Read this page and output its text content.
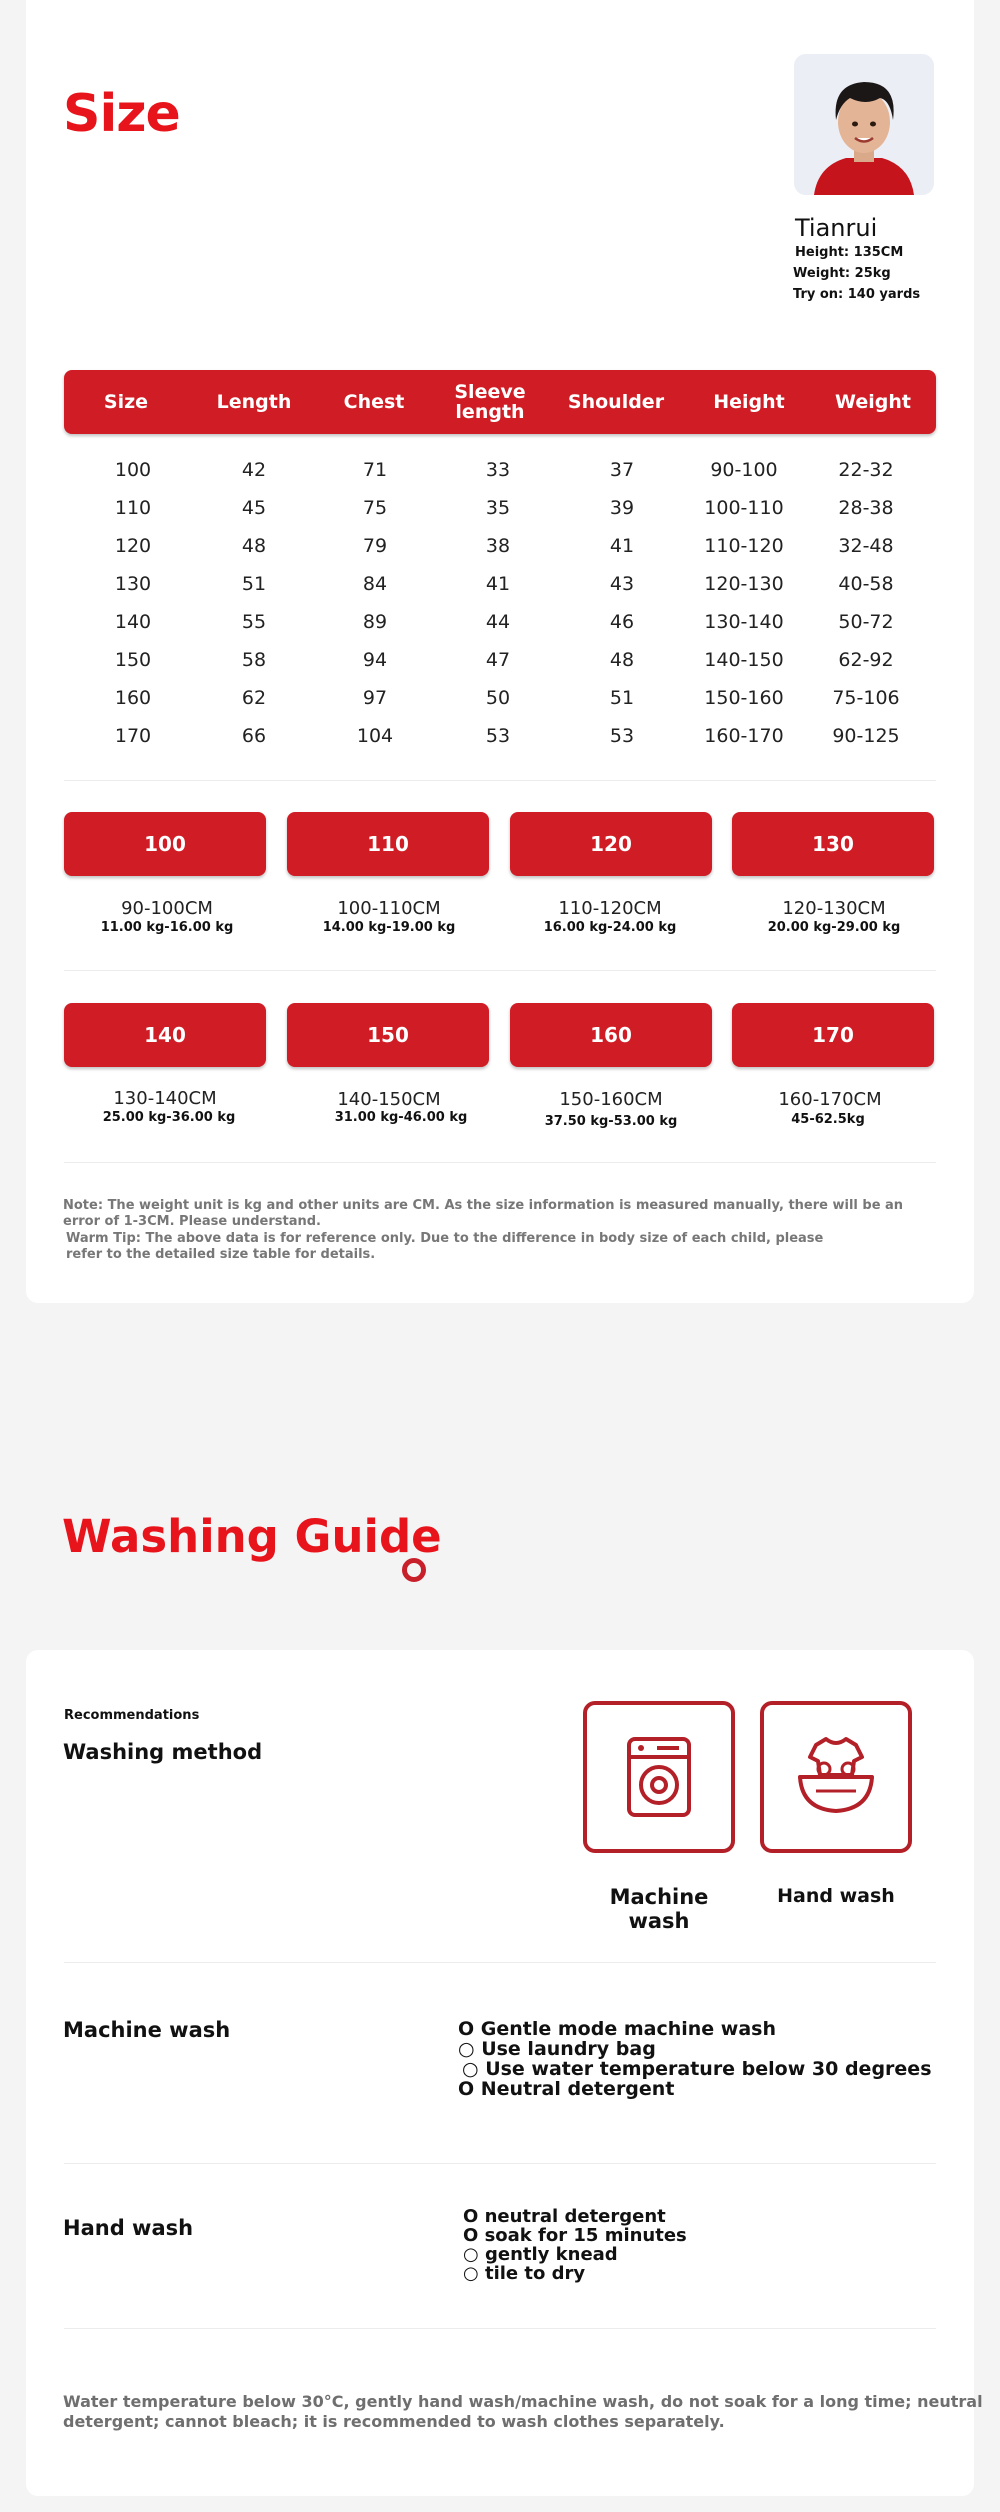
Size
Tianrui
Height: 135CM
Weight: 25kg
Try on: 140 yards
Size	Length	Chest	Sleeve length	Shoulder	Height	Weight
100	42	71	33	37	90-100	22-32
110	45	75	35	39	100-110	28-38
120	48	79	38	41	110-120	32-48
130	51	84	41	43	120-130	40-58
140	55	89	44	46	130-140	50-72
150	58	94	47	48	140-150	62-92
160	62	97	50	51	150-160	75-106
170	66	104	53	53	160-170	90-125
100	110	120	130
90-100CM	100-110CM	110-120CM	120-130CM
11.00 kg-16.00 kg	14.00 kg-19.00 kg	16.00 kg-24.00 kg	20.00 kg-29.00 kg
140	150	160	170
130-140CM	140-150CM	150-160CM	160-170CM
25.00 kg-36.00 kg	31.00 kg-46.00 kg	37.50 kg-53.00 kg	45-62.5kg
Note: The weight unit is kg and other units are CM. As the size information is measured manually, there will be an
error of 1-3CM. Please understand.
Warm Tip: The above data is for reference only. Due to the difference in body size of each child, please
refer to the detailed size table for details.
Washing Guide
Recommendations
Washing method
Machine wash
Hand wash
Machine wash	O Gentle mode machine wash
○ Use laundry bag
○ Use water temperature below 30 degrees
O Neutral detergent
Hand wash	O neutral detergent
O soak for 15 minutes
○ gently knead
○ tile to dry
Water temperature below 30°C, gently hand wash/machine wash, do not soak for a long time; neutral
detergent; cannot bleach; it is recommended to wash clothes separately.
